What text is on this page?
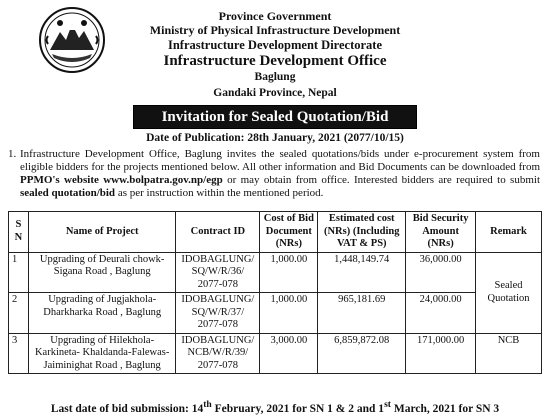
Province Government
Ministry of Physical Infrastructure Development
Infrastructure Development Directorate
Infrastructure Development Office
Baglung
Gandaki Province, Nepal
Invitation for Sealed Quotation/Bid
Date of Publication: 28th January, 2021 (2077/10/15)
1. Infrastructure Development Office, Baglung invites the sealed quotations/bids under e-procurement system from eligible bidders for the projects mentioned below. All other information and Bid Documents can be downloaded from PPMO's website www.bolpatra.gov.np/egp or may obtain from office. Interested bidders are required to submit sealed quotation/bid as per instruction within the mentioned period.
S N	Name of Project	Contract ID	Cost of Bid Document (NRs)	Estimated cost (NRs) (Including VAT & PS)	Bid Security Amount (NRs)	Remark
1	Upgrading of Deurali chowk- Sigana Road , Baglung	IDOBAGLUNG/ SQ/W/R/36/ 2077-078	1,000.00	1,448,149.74	36,000.00	Sealed Quotation
2	Upgrading of Jugjakhola- Dharkharka Road , Baglung	IDOBAGLUNG/ SQ/W/R/37/ 2077-078	1,000.00	965,181.69	24,000.00	
3	Upgrading of Hilekhola-Karkineta- Khaldanda-Falewas-Jaiminighat Road , Baglung	IDOBAGLUNG/ NCB/W/R/39/ 2077-078	3,000.00	6,859,872.08	171,000.00	NCB
Last date of bid submission: 14th February, 2021 for SN 1 & 2 and 1st March, 2021 for SN 3
